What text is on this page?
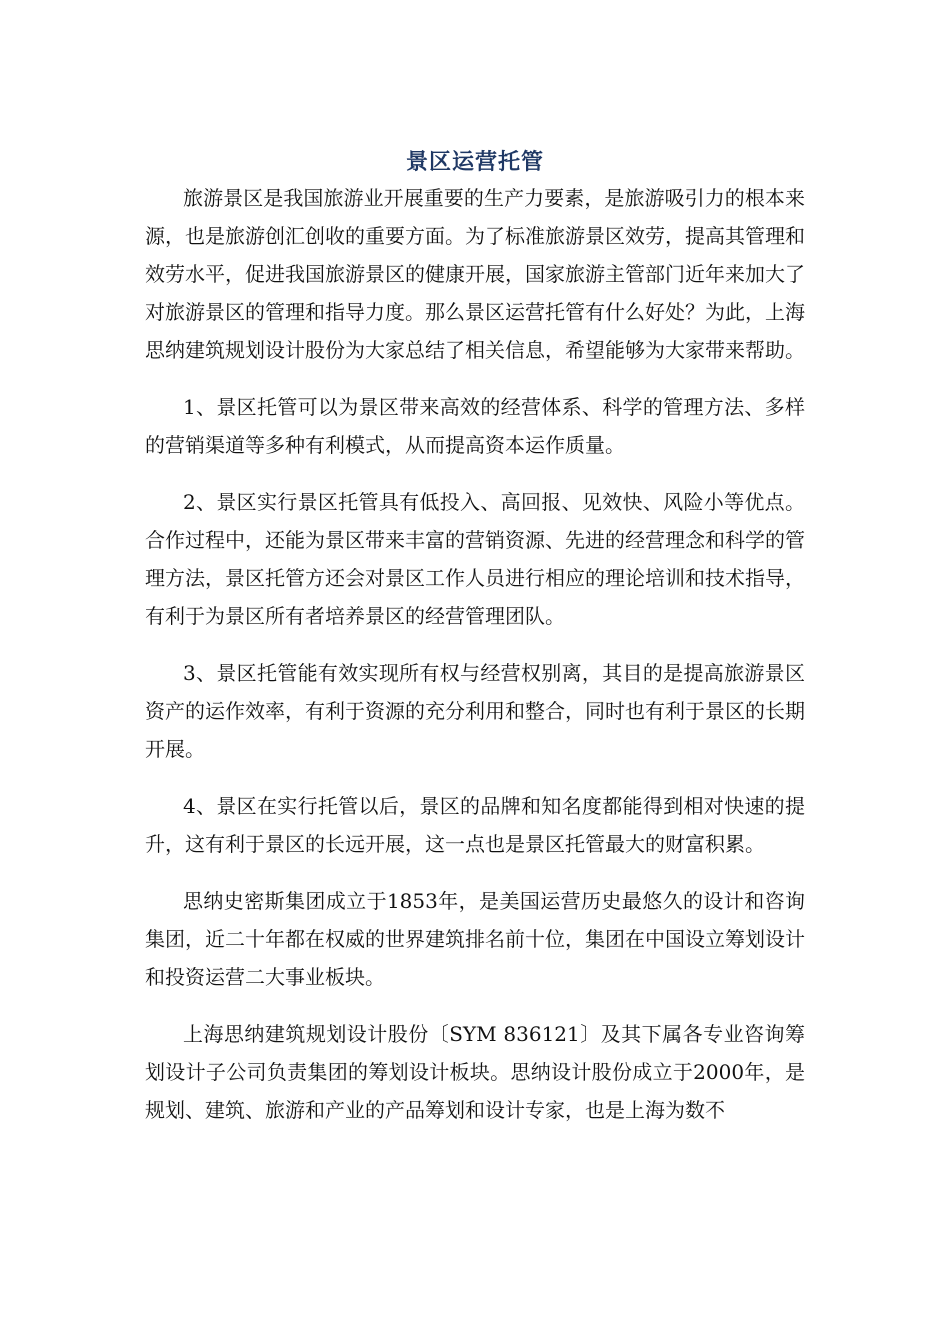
景区运营托管

旅游景区是我国旅游业开展重要的生产力要素，是旅游吸引力的根本来源，也是旅游创汇创收的重要方面。为了标准旅游景区效劳，提高其管理和效劳水平，促进我国旅游景区的健康开展，国家旅游主管部门近年来加大了对旅游景区的管理和指导力度。那么景区运营托管有什么好处？为此，上海思纳建筑规划设计股份为大家总结了相关信息，希望能够为大家带来帮助。

1、景区托管可以为景区带来高效的经营体系、科学的管理方法、多样的营销渠道等多种有利模式，从而提高资本运作质量。

2、景区实行景区托管具有低投入、高回报、见效快、风险小等优点。合作过程中，还能为景区带来丰富的营销资源、先进的经营理念和科学的管理方法，景区托管方还会对景区工作人员进行相应的理论培训和技术指导，有利于为景区所有者培养景区的经营管理团队。

3、景区托管能有效实现所有权与经营权别离，其目的是提高旅游景区资产的运作效率，有利于资源的充分利用和整合，同时也有利于景区的长期开展。

4、景区在实行托管以后，景区的品牌和知名度都能得到相对快速的提升，这有利于景区的长远开展，这一点也是景区托管最大的财富积累。

思纳史密斯集团成立于1853年，是美国运营历史最悠久的设计和咨询集团，近二十年都在权威的世界建筑排名前十位，集团在中国设立筹划设计和投资运营二大事业板块。

上海思纳建筑规划设计股份〔SYM 836121〕及其下属各专业咨询筹划设计子公司负责集团的筹划设计板块。思纳设计股份成立于2000年，是规划、建筑、旅游和产业的产品筹划和设计专家，也是上海为数不
